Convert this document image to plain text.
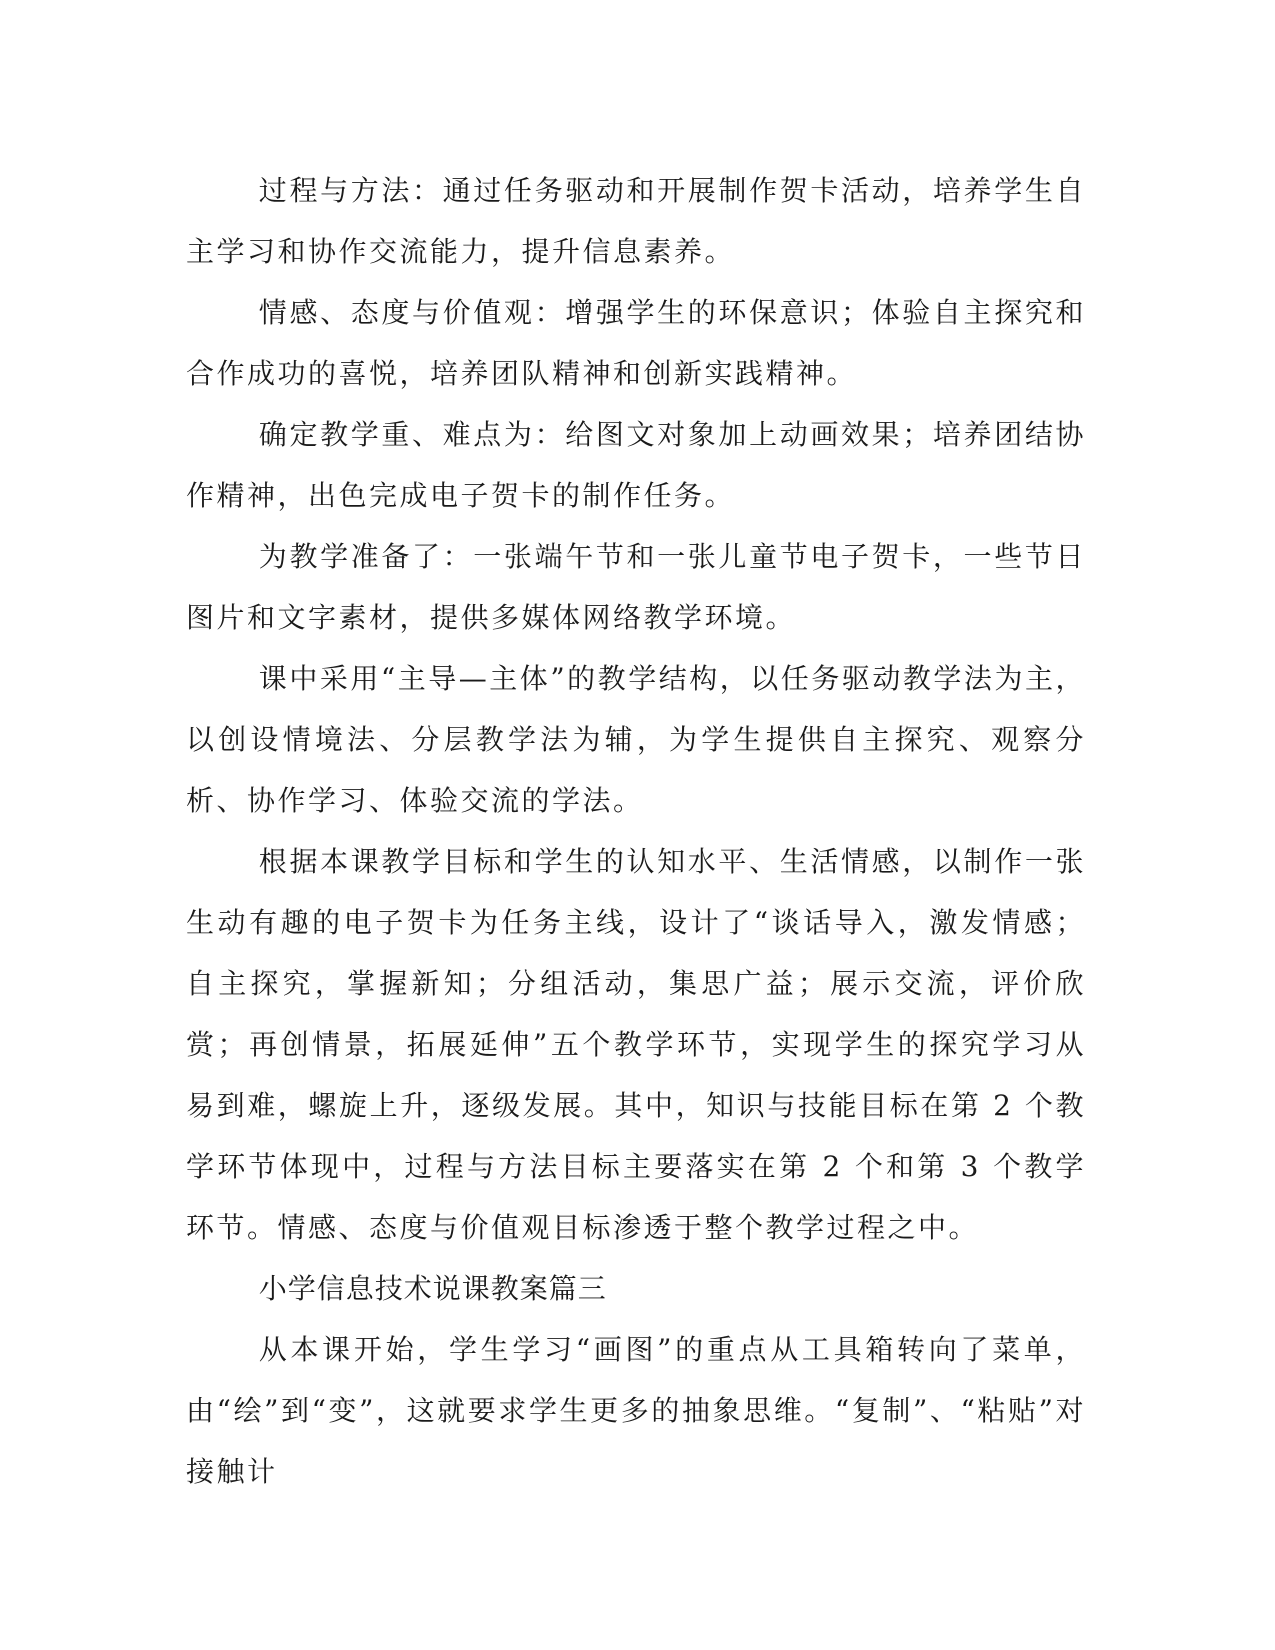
过程与方法：通过任务驱动和开展制作贺卡活动，培养学生自主学习和协作交流能力，提升信息素养。

情感、态度与价值观：增强学生的环保意识；体验自主探究和合作成功的喜悦，培养团队精神和创新实践精神。

确定教学重、难点为：给图文对象加上动画效果；培养团结协作精神，出色完成电子贺卡的制作任务。

为教学准备了：一张端午节和一张儿童节电子贺卡，一些节日图片和文字素材，提供多媒体网络教学环境。

课中采用“主导—主体”的教学结构，以任务驱动教学法为主，以创设情境法、分层教学法为辅，为学生提供自主探究、观察分析、协作学习、体验交流的学法。

根据本课教学目标和学生的认知水平、生活情感，以制作一张生动有趣的电子贺卡为任务主线，设计了“谈话导入，激发情感；自主探究，掌握新知；分组活动，集思广益；展示交流，评价欣赏；再创情景，拓展延伸”五个教学环节，实现学生的探究学习从易到难，螺旋上升，逐级发展。其中，知识与技能目标在第 2 个教学环节体现中，过程与方法目标主要落实在第 2 个和第 3 个教学环节。情感、态度与价值观目标渗透于整个教学过程之中。

小学信息技术说课教案篇三

从本课开始，学生学习“画图”的重点从工具箱转向了菜单，由“绘”到“变”，这就要求学生更多的抽象思维。“复制”、“粘贴”对接触计
